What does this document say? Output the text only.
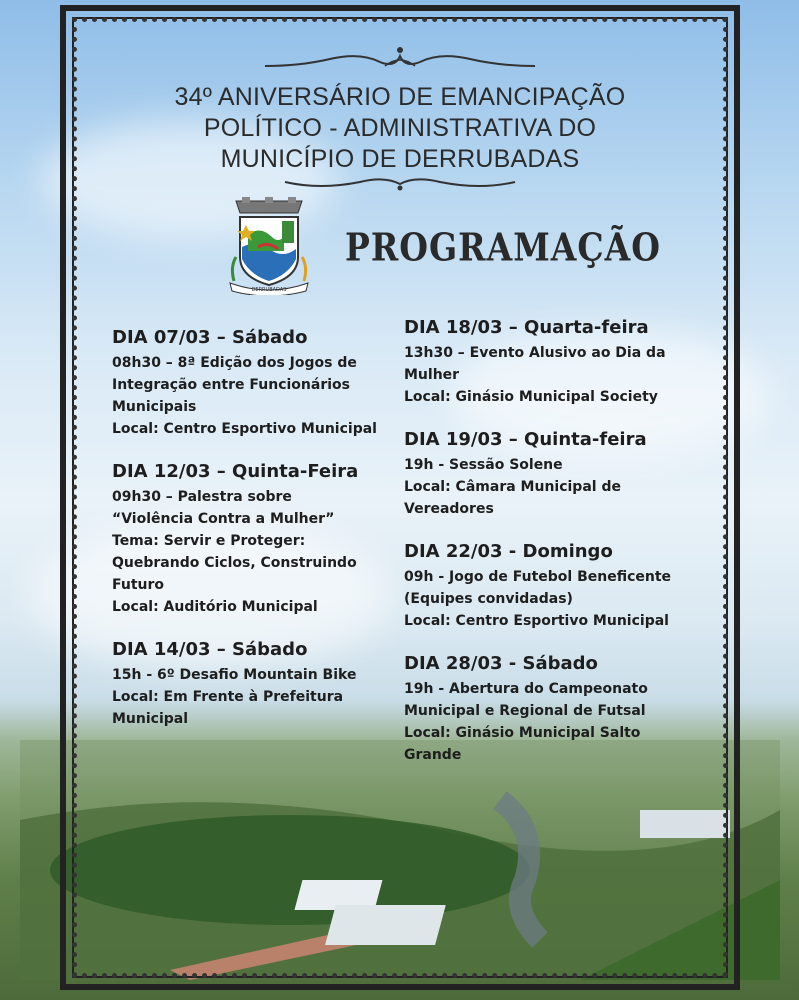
34º ANIVERSÁRIO DE EMANCIPAÇÃO
POLÍTICO - ADMINISTRATIVA DO
MUNICÍPIO DE DERRUBADAS
DERRUBADAS
PROGRAMAÇÃO
DIA 07/03 – Sábado
08h30 – 8ª Edição dos Jogos de
Integração entre Funcionários
Municipais
Local: Centro Esportivo Municipal
DIA 12/03 – Quinta-Feira
09h30 – Palestra sobre
“Violência Contra a Mulher”
Tema: Servir e Proteger:
Quebrando Ciclos, Construindo
Futuro
Local: Auditório Municipal
DIA 14/03 – Sábado
15h - 6º Desafio Mountain Bike
Local: Em Frente à Prefeitura
Municipal
DIA 18/03 – Quarta-feira
13h30 – Evento Alusivo ao Dia da
Mulher
Local: Ginásio Municipal Society
DIA 19/03 – Quinta-feira
19h - Sessão Solene
Local: Câmara Municipal de
Vereadores
DIA 22/03 - Domingo
09h - Jogo de Futebol Beneficente
(Equipes convidadas)
Local: Centro Esportivo Municipal
DIA 28/03 - Sábado
19h - Abertura do Campeonato
Municipal e Regional de Futsal
Local: Ginásio Municipal Salto
Grande
